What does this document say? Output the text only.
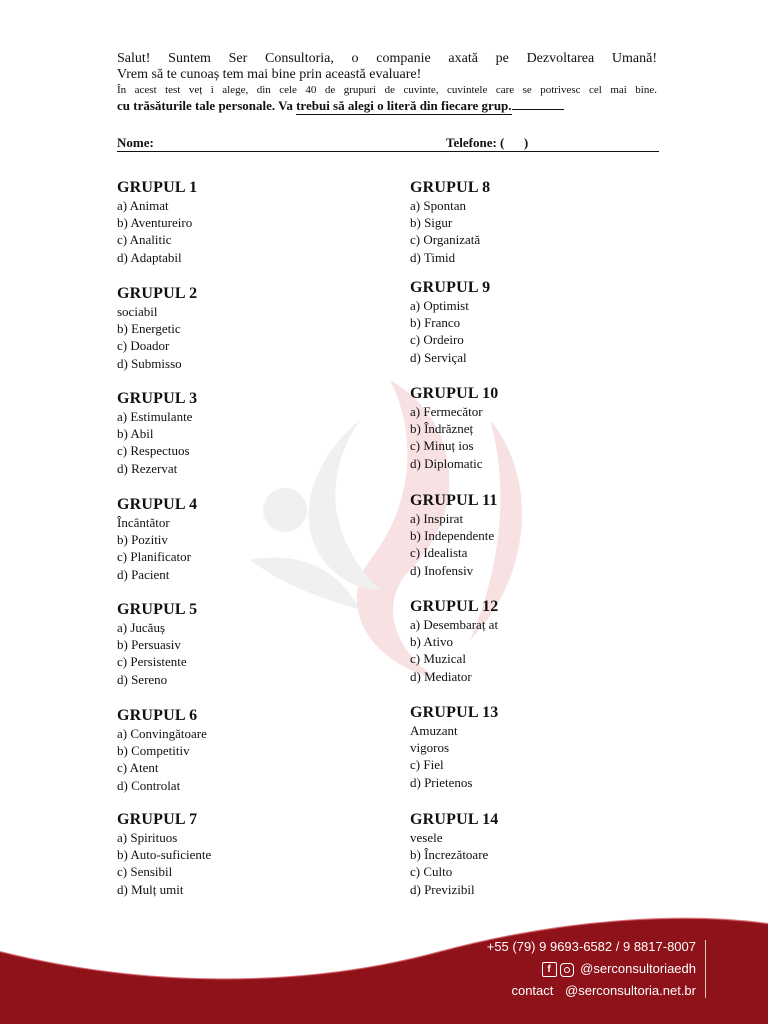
Salut! Suntem Ser Consultoria, o companie axată pe Dezvoltarea Umană!
Vrem să te cunoaș tem mai bine prin această evaluare!
În acest test veț i alege, din cele 40 de grupuri de cuvinte, cuvintele care se potrivesc cel mai bine.
cu trăsăturile tale personale. Va trebui să alegi o literă din fiecare grup.
Nome:	Telefone: (      )
GRUPUL 1
a) Animat
b) Aventureiro
c) Analitic
d) Adaptabil
GRUPUL 2
sociabil
b) Energetic
c) Doador
d) Submisso
GRUPUL 3
a) Estimulante
b) Abil
c) Respectuos
d) Rezervat
GRUPUL 4
Încântător
b) Pozitiv
c) Planificator
d) Pacient
GRUPUL 5
a) Jucăuș
b) Persuasiv
c) Persistente
d) Sereno
GRUPUL 6
a) Convingătoare
b) Competitiv
c) Atent
d) Controlat
GRUPUL 7
a) Spirituos
b) Auto-suficiente
c) Sensibil
d) Mulț umit
GRUPUL 8
a) Spontan
b) Sigur
c) Organizată
d) Timid
GRUPUL 9
a) Optimist
b) Franco
c) Ordeiro
d) Serviçal
GRUPUL 10
a) Fermecător
b) Îndrăzneț
c) Minuț ios
d) Diplomatic
GRUPUL 11
a) Inspirat
b) Independente
c) Idealista
d) Inofensiv
GRUPUL 12
a) Desembaraț at
b) Ativo
c) Muzical
d) Mediator
GRUPUL 13
Amuzant
vigoros
c) Fiel
d) Prietenos
GRUPUL 14
vesele
b) Încrezătoare
c) Culto
d) Previzibil
+55 (79) 9 9693-6582 / 9 8817-8007
f @serconsultoriaedh
contact @serconsultoria.net.br
